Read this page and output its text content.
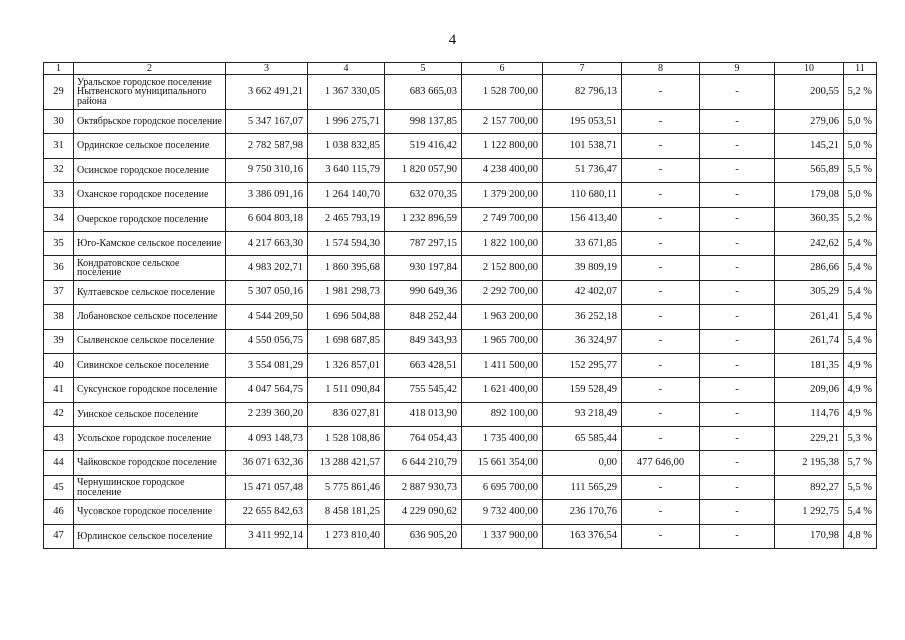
4
1	2	3	4	5	6	7	8	9	10	11
29	Уральское городское поселение Нытвенского муниципального района	3 662 491,21	1 367 330,05	683 665,03	1 528 700,00	82 796,13	-	-	200,55	5,2 %
30	Октябрьское городское поселение	5 347 167,07	1 996 275,71	998 137,85	2 157 700,00	195 053,51	-	-	279,06	5,0 %
31	Ординское сельское поселение	2 782 587,98	1 038 832,85	519 416,42	1 122 800,00	101 538,71	-	-	145,21	5,0 %
32	Осинское городское поселение	9 750 310,16	3 640 115,79	1 820 057,90	4 238 400,00	51 736,47	-	-	565,89	5,5 %
33	Оханское городское поселение	3 386 091,16	1 264 140,70	632 070,35	1 379 200,00	110 680,11	-	-	179,08	5,0 %
34	Очерское городское поселение	6 604 803,18	2 465 793,19	1 232 896,59	2 749 700,00	156 413,40	-	-	360,35	5,2 %
35	Юго-Камское сельское поселение	4 217 663,30	1 574 594,30	787 297,15	1 822 100,00	33 671,85	-	-	242,62	5,4 %
36	Кондратовское сельское поселение	4 983 202,71	1 860 395,68	930 197,84	2 152 800,00	39 809,19	-	-	286,66	5,4 %
37	Култаевское сельское поселение	5 307 050,16	1 981 298,73	990 649,36	2 292 700,00	42 402,07	-	-	305,29	5,4 %
38	Лобановское сельское поселение	4 544 209,50	1 696 504,88	848 252,44	1 963 200,00	36 252,18	-	-	261,41	5,4 %
39	Сылвенское сельское поселение	4 550 056,75	1 698 687,85	849 343,93	1 965 700,00	36 324,97	-	-	261,74	5,4 %
40	Сивинское сельское поселение	3 554 081,29	1 326 857,01	663 428,51	1 411 500,00	152 295,77	-	-	181,35	4,9 %
41	Суксунское городское поселение	4 047 564,75	1 511 090,84	755 545,42	1 621 400,00	159 528,49	-	-	209,06	4,9 %
42	Уинское сельское поселение	2 239 360,20	836 027,81	418 013,90	892 100,00	93 218,49	-	-	114,76	4,9 %
43	Усольское городское поселение	4 093 148,73	1 528 108,86	764 054,43	1 735 400,00	65 585,44	-	-	229,21	5,3 %
44	Чайковское городское поселение	36 071 632,36	13 288 421,57	6 644 210,79	15 661 354,00	0,00	477 646,00	-	2 195,38	5,7 %
45	Чернушинское городское поселение	15 471 057,48	5 775 861,46	2 887 930,73	6 695 700,00	111 565,29	-	-	892,27	5,5 %
46	Чусовское городское поселение	22 655 842,63	8 458 181,25	4 229 090,62	9 732 400,00	236 170,76	-	-	1 292,75	5,4 %
47	Юрлинское сельское поселение	3 411 992,14	1 273 810,40	636 905,20	1 337 900,00	163 376,54	-	-	170,98	4,8 %
